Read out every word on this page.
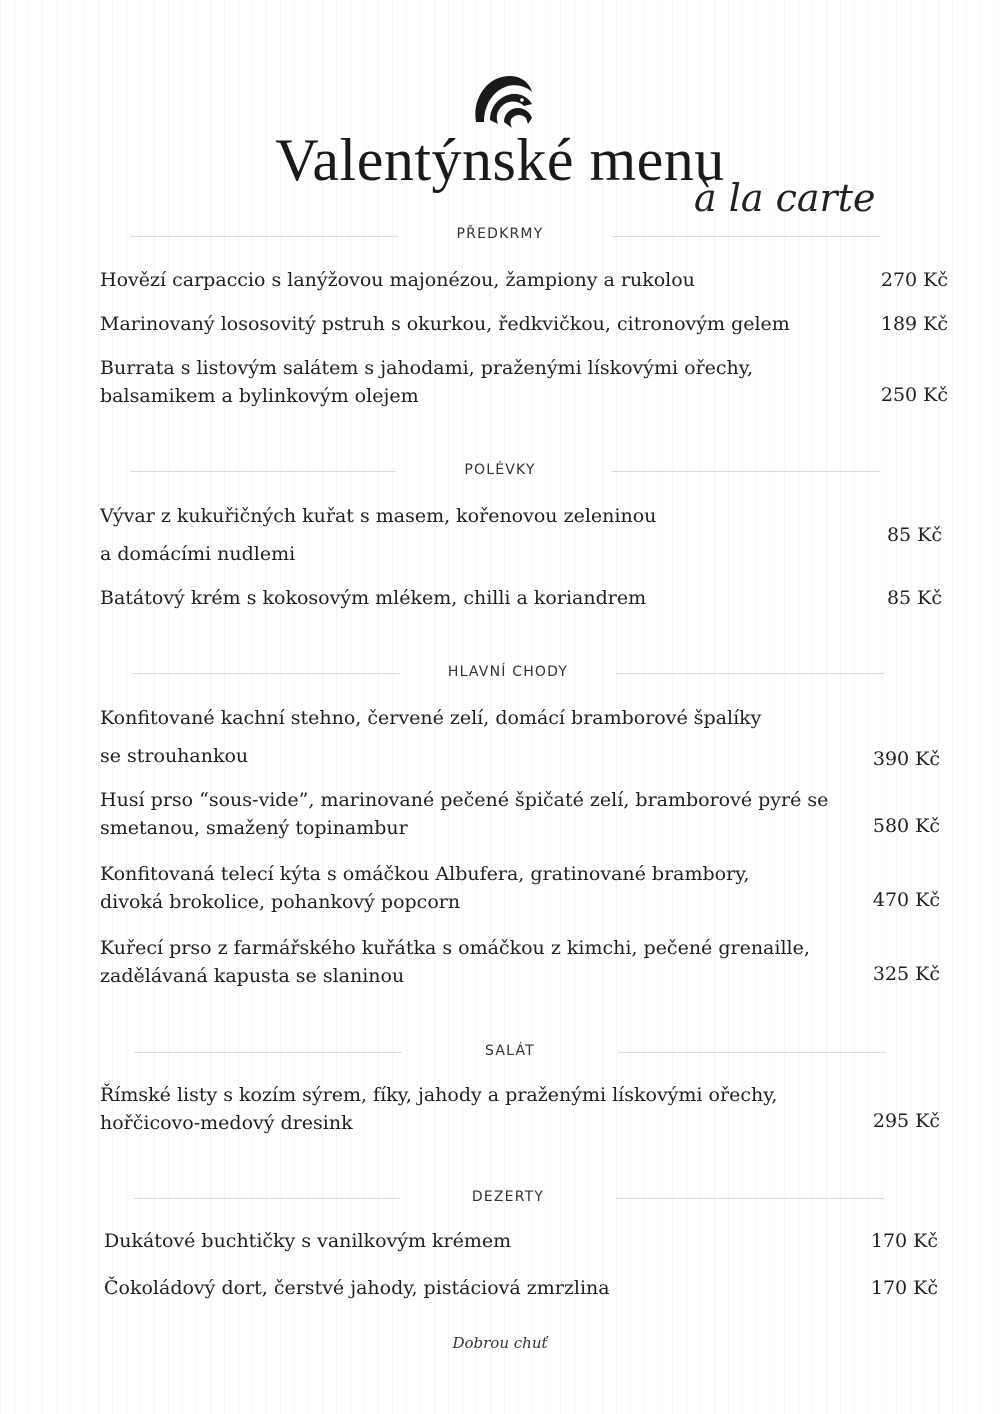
Valentýnské menu
à la carte
PŘEDKRMY
Hovězí carpaccio s lanýžovou majonézou, žampiony a rukolou	270 Kč
Marinovaný lososovitý pstruh s okurkou, ředkvičkou, citronovým gelem	189 Kč
Burrata s listovým salátem s jahodami, praženými lískovými ořechy,
balsamikem a bylinkovým olejem	250 Kč
POLÉVKY
Vývar z kukuřičných kuřat s masem, kořenovou zeleninou
a domácími nudlemi
85 Kč
Batátový krém s kokosovým mlékem, chilli a koriandrem	85 Kč
HLAVNÍ CHODY
Konfitované kachní stehno, červené zelí, domácí bramborové špalíky
se strouhankou	390 Kč
Husí prso “sous-vide”, marinované pečené špičaté zelí, bramborové pyré se
smetanou, smažený topinambur	580 Kč
Konfitovaná telecí kýta s omáčkou Albufera, gratinované brambory,
divoká brokolice, pohankový popcorn	470 Kč
Kuřecí prso z farmářského kuřátka s omáčkou z kimchi, pečené grenaille,
zadělávaná kapusta se slaninou	325 Kč
SALÁT
Římské listy s kozím sýrem, fíky, jahody a praženými lískovými ořechy,
hořčicovo-medový dresink	295 Kč
DEZERTY
Dukátové buchtičky s vanilkovým krémem	170 Kč
Čokoládový dort, čerstvé jahody, pistáciová zmrzlina	170 Kč
Dobrou chuť
